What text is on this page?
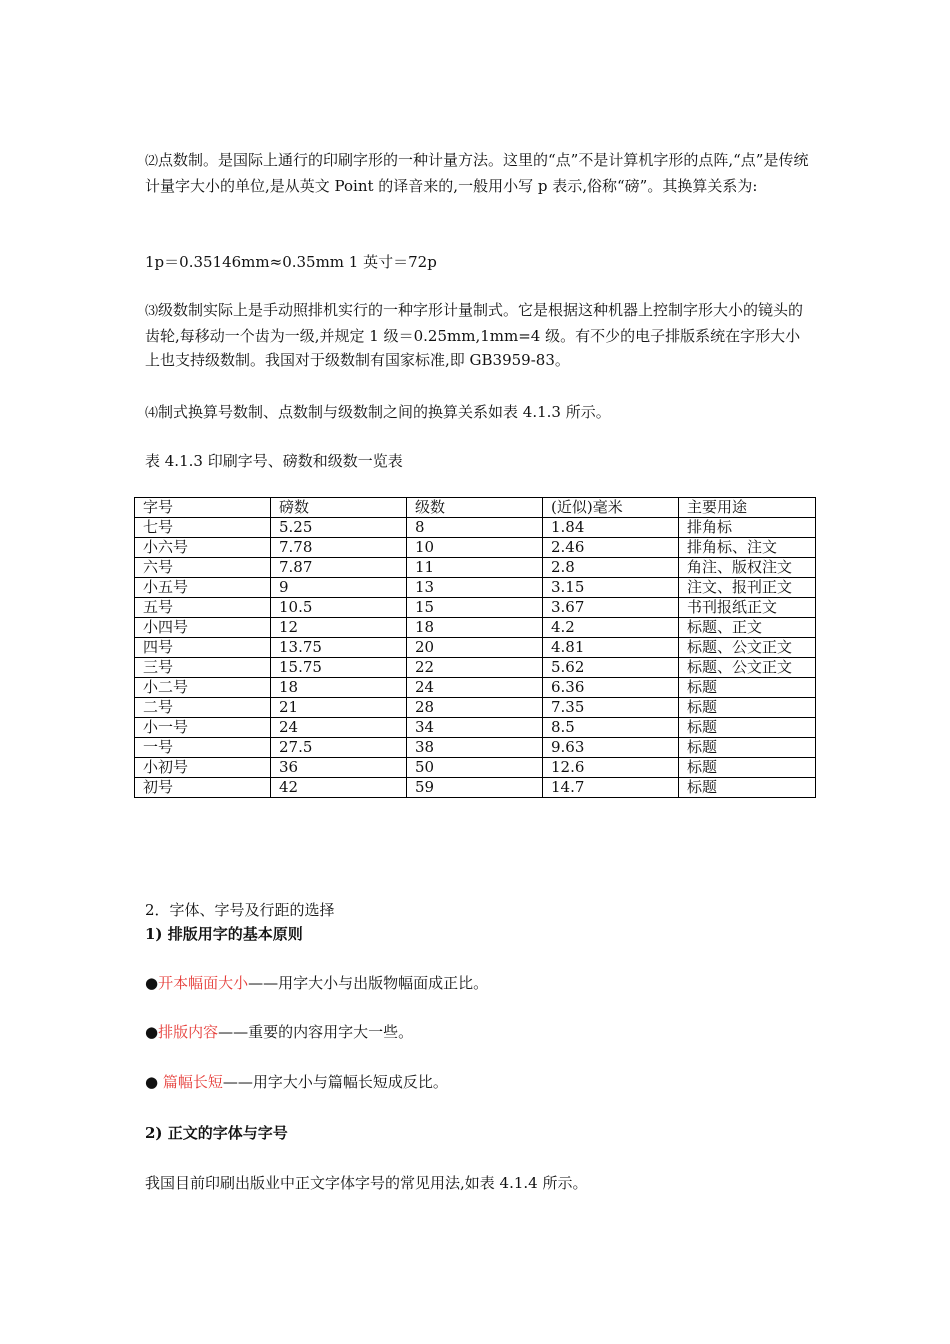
⑵点数制。是国际上通行的印刷字形的一种计量方法。这里的“点”不是计算机字形的点阵,“点”是传统计量字大小的单位,是从英文 Point 的译音来的,一般用小写 p 表示,俗称“磅”。其换算关系为:

1p＝0.35146mm≈0.35mm 1 英寸＝72p

⑶级数制实际上是手动照排机实行的一种字形计量制式。它是根据这种机器上控制字形大小的镜头的齿轮,每移动一个齿为一级,并规定 1 级＝0.25mm,1mm=4 级。有不少的电子排版系统在字形大小上也支持级数制。我国对于级数制有国家标准,即 GB3959-83。

⑷制式换算号数制、点数制与级数制之间的换算关系如表 4.1.3 所示。

表 4.1.3 印刷字号、磅数和级数一览表

字号	磅数	级数	(近似)毫米	主要用途
七号	5.25	8	1.84	排角标
小六号	7.78	10	2.46	排角标、注文
六号	7.87	11	2.8	角注、版权注文
小五号	9	13	3.15	注文、报刊正文
五号	10.5	15	3.67	书刊报纸正文
小四号	12	18	4.2	标题、正文
四号	13.75	20	4.81	标题、公文正文
三号	15.75	22	5.62	标题、公文正文
小二号	18	24	6.36	标题
二号	21	28	7.35	标题
小一号	24	34	8.5	标题
一号	27.5	38	9.63	标题
小初号	36	50	12.6	标题
初号	42	59	14.7	标题

2．字体、字号及行距的选择

1) 排版用字的基本原则

●开本幅面大小——用字大小与出版物幅面成正比。

●排版内容——重要的内容用字大一些。

● 篇幅长短——用字大小与篇幅长短成反比。

2) 正文的字体与字号

我国目前印刷出版业中正文字体字号的常见用法,如表 4.1.4 所示。
